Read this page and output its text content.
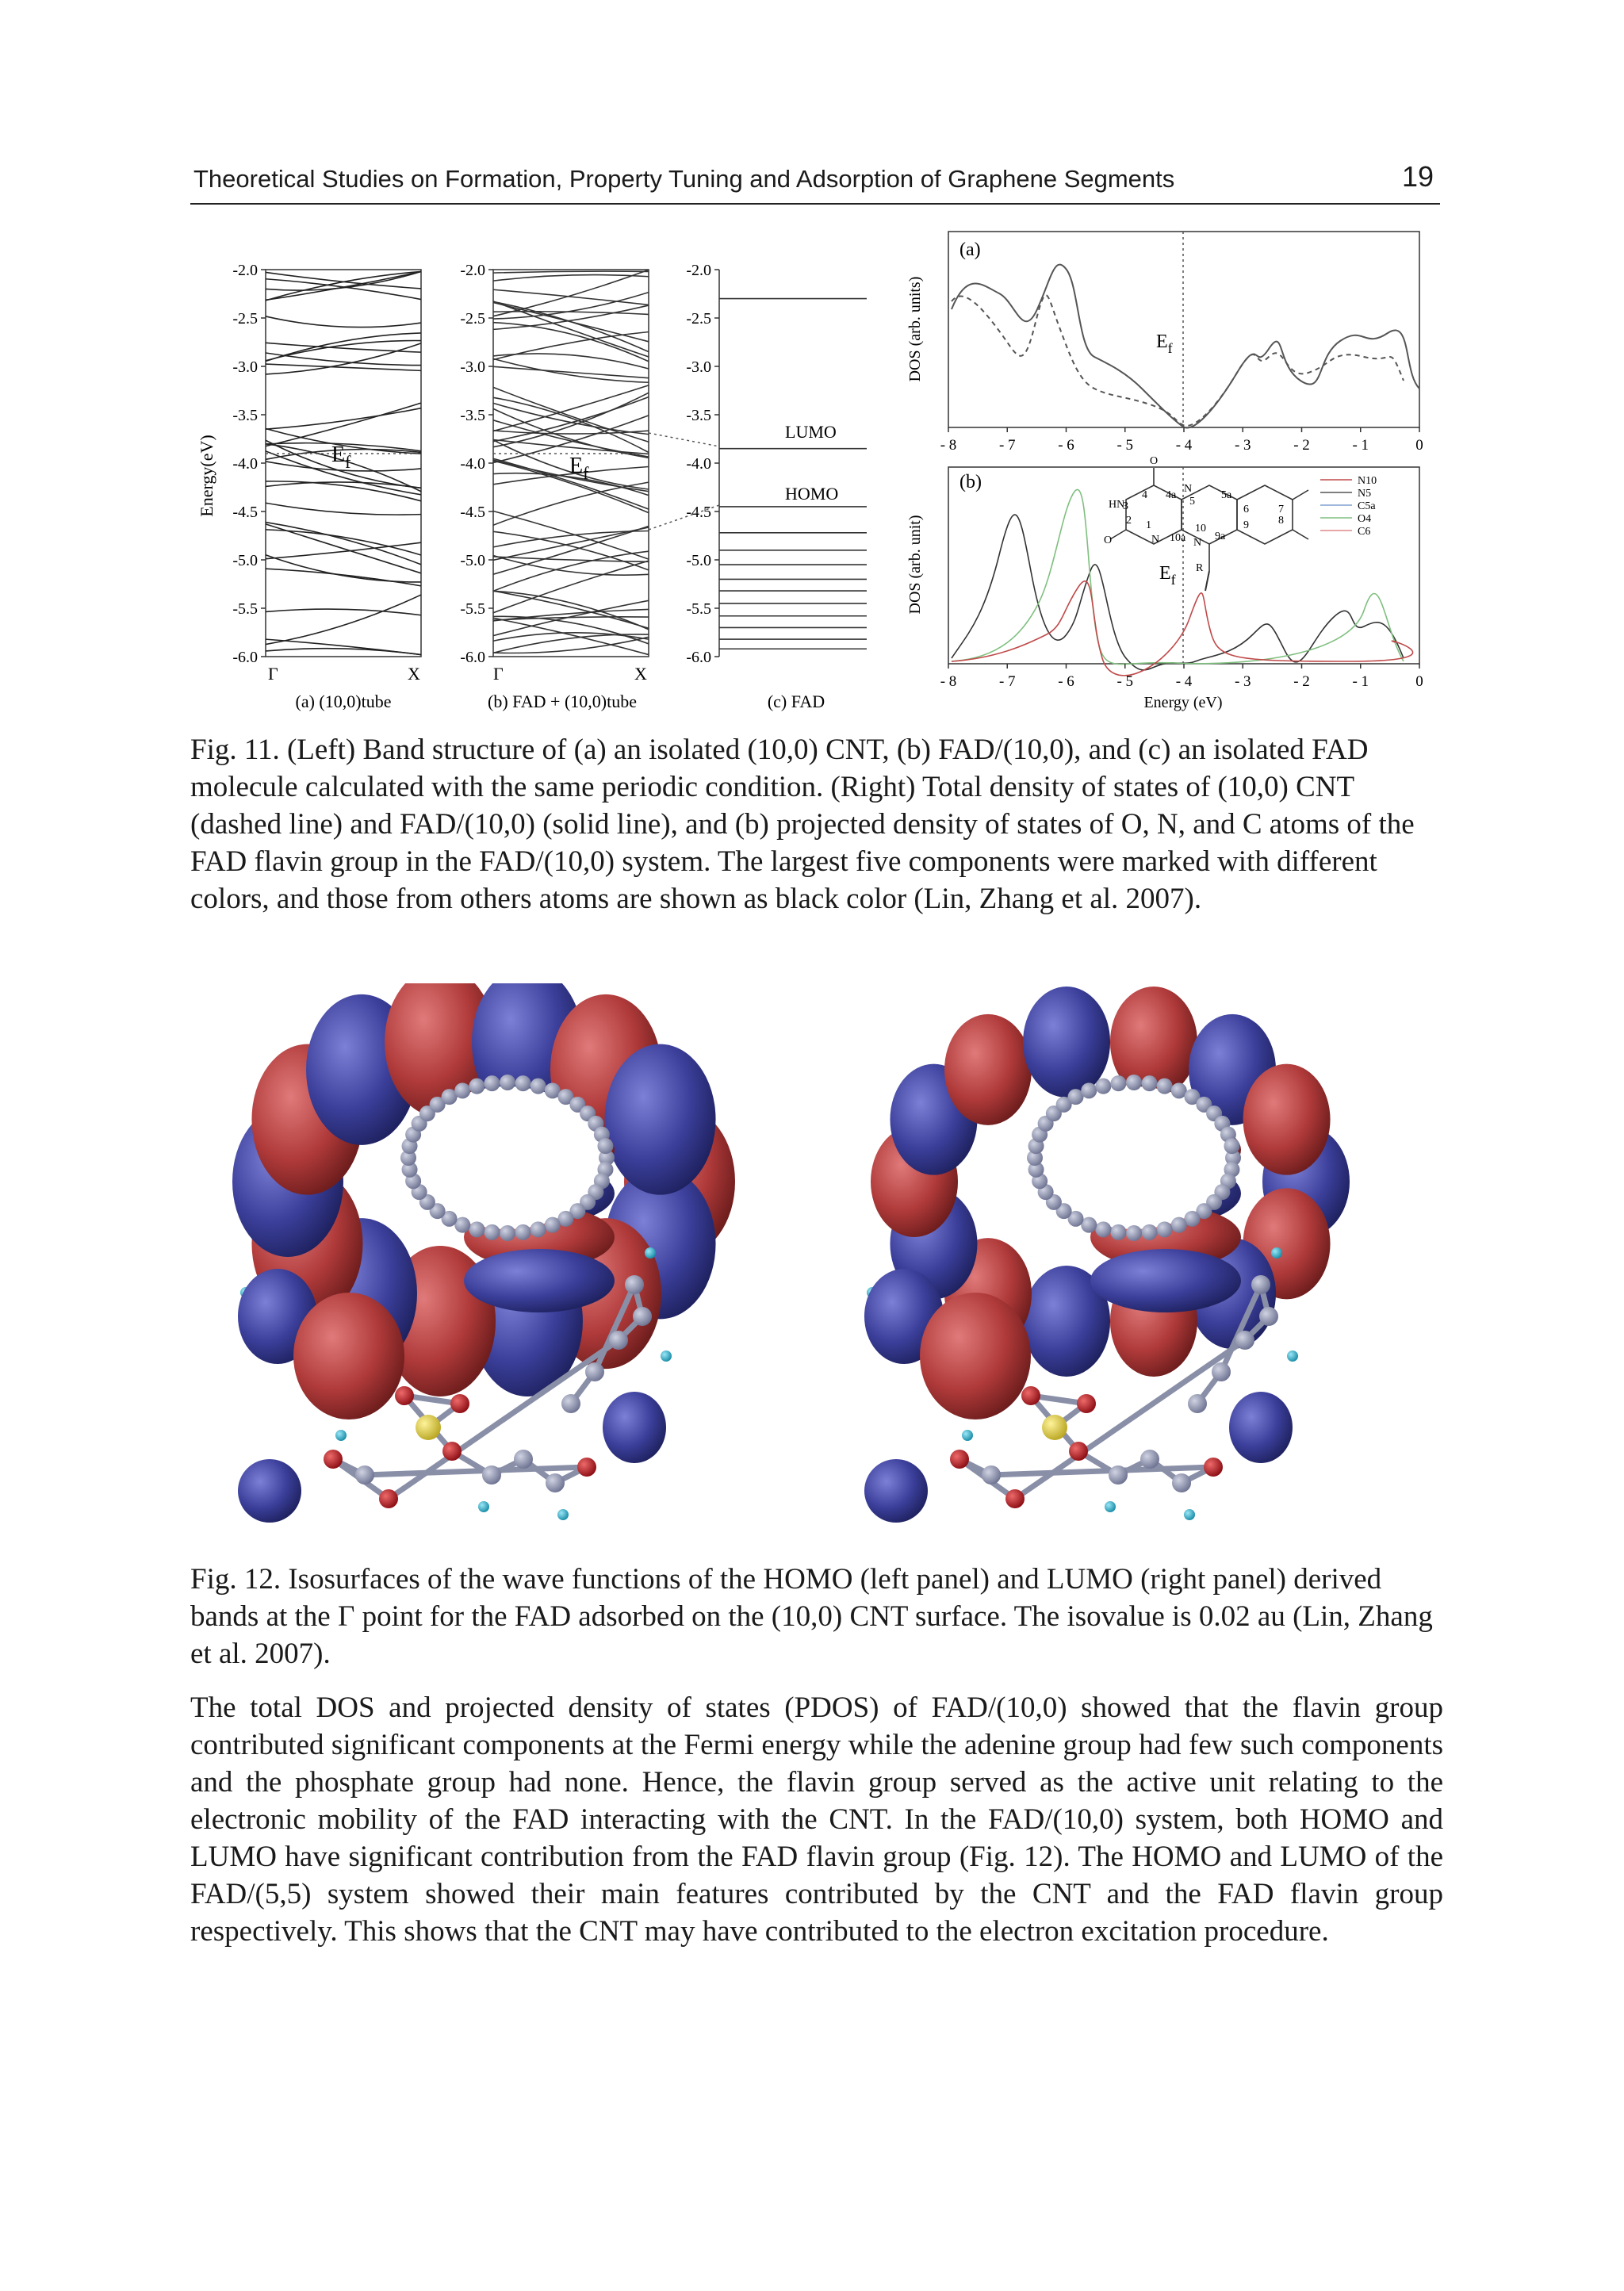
Theoretical Studies on Formation, Property Tuning and Adsorption of Graphene Segments	19
Energy(eV)
-2.0
-2.5
-3.0
-3.5
-4.0
-4.5
-5.0
-5.5
-6.0
-2.0
-2.5
-3.0
-3.5
-4.0
-4.5
-5.0
-5.5
-6.0
-2.0
-2.5
-3.0
-3.5
-4.0
-4.5
-5.0
-5.5
-6.0
$E_f$	$E_f$
LUMO
HOMO
Γ	X	Γ	X
(a) (10,0)tube	(b) FAD + (10,0)tube	(c) FAD
(a)
DOS (arb. units)	$E_f$
- 8	- 7	- 6	- 5	- 4	- 3	- 2	- 1	0
(b)
DOS (arb. unit)	$E_f$
- 8	- 7	- 6	- 5	- 4	- 3	- 2	- 1	0
Energy (eV)
N10
N5
C5a
O4
C6
O
4 4a
N
5
5a
6	7
8
9
9a
10
N
10a
1
N
2
O
HN
3
R
Fig. 11. (Left) Band structure of (a) an isolated (10,0) CNT, (b) FAD/(10,0), and (c) an isolated FAD molecule calculated with the same periodic condition. (Right) Total density of states of (10,0) CNT (dashed line) and FAD/(10,0) (solid line), and (b) projected density of states of O, N, and C atoms of the FAD flavin group in the FAD/(10,0) system. The largest five components were marked with different colors, and those from others atoms are shown as black color (Lin, Zhang et al. 2007).
Fig. 12. Isosurfaces of the wave functions of the HOMO (left panel) and LUMO (right panel) derived bands at the Γ point for the FAD adsorbed on the (10,0) CNT surface. The isovalue is 0.02 au (Lin, Zhang et al. 2007).
The total DOS and projected density of states (PDOS) of FAD/(10,0) showed that the flavin group contributed significant components at the Fermi energy while the adenine group had few such components and the phosphate group had none. Hence, the flavin group served as the active unit relating to the electronic mobility of the FAD interacting with the CNT. In the FAD/(10,0) system, both HOMO and LUMO have significant contribution from the FAD flavin group (Fig. 12). The HOMO and LUMO of the FAD/(5,5) system showed their main features contributed by the CNT and the FAD flavin group respectively. This shows that the CNT may have contributed to the electron excitation procedure.
